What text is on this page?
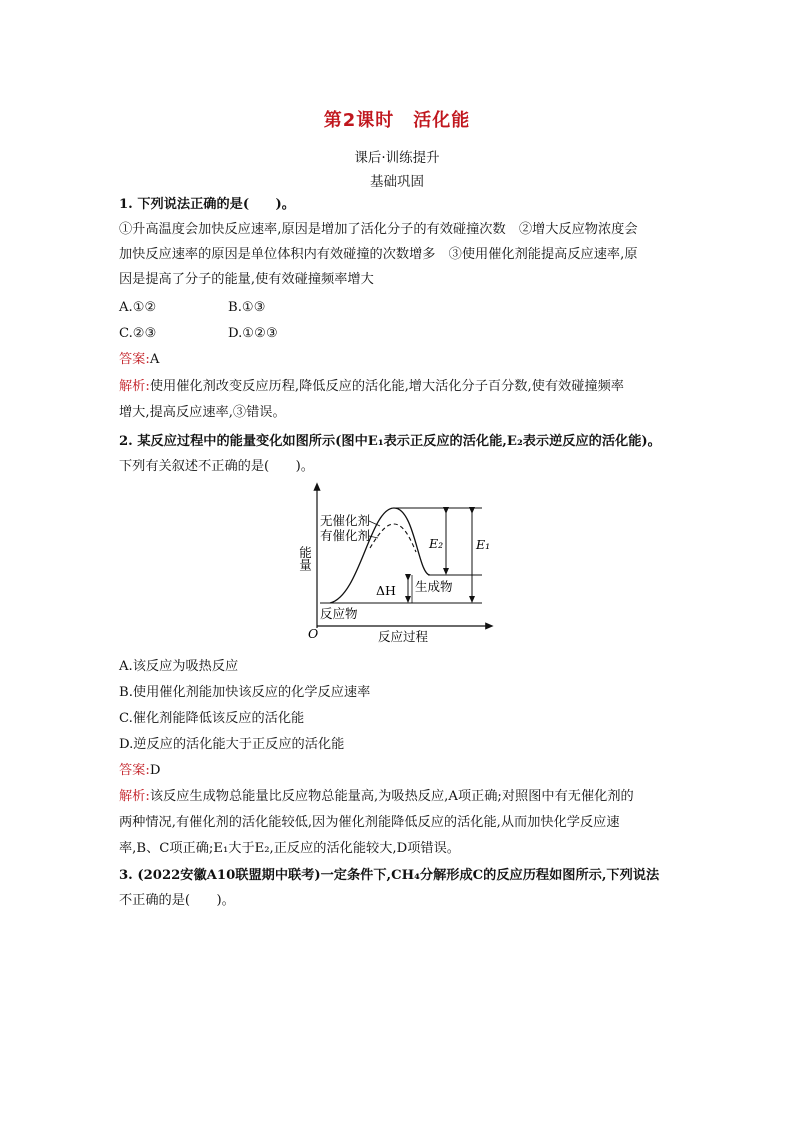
第2课时　活化能
课后·训练提升
基础巩固
1. 下列说法正确的是(　　)。
①升高温度会加快反应速率,原因是增加了活化分子的有效碰撞次数　②增大反应物浓度会
加快反应速率的原因是单位体积内有效碰撞的次数增多　③使用催化剂能提高反应速率,原
因是提高了分子的能量,使有效碰撞频率增大
A.①②	B.①③
C.②③	D.①②③
答案:A
解析:使用催化剂改变反应历程,降低反应的活化能,增大活化分子百分数,使有效碰撞频率
增大,提高反应速率,③错误。
2. 某反应过程中的能量变化如图所示(图中E₁表示正反应的活化能,E₂表示逆反应的活化能)。
下列有关叙述不正确的是(　　)。
无催化剂
有催化剂
能量
E₂	E₁
ΔH 生成物
反应物
O	反应过程
A.该反应为吸热反应
B.使用催化剂能加快该反应的化学反应速率
C.催化剂能降低该反应的活化能
D.逆反应的活化能大于正反应的活化能
答案:D
解析:该反应生成物总能量比反应物总能量高,为吸热反应,A项正确;对照图中有无催化剂的
两种情况,有催化剂的活化能较低,因为催化剂能降低反应的活化能,从而加快化学反应速
率,B、C项正确;E₁大于E₂,正反应的活化能较大,D项错误。
3. (2022安徽A10联盟期中联考)一定条件下,CH₄分解形成C的反应历程如图所示,下列说法
不正确的是(　　)。
